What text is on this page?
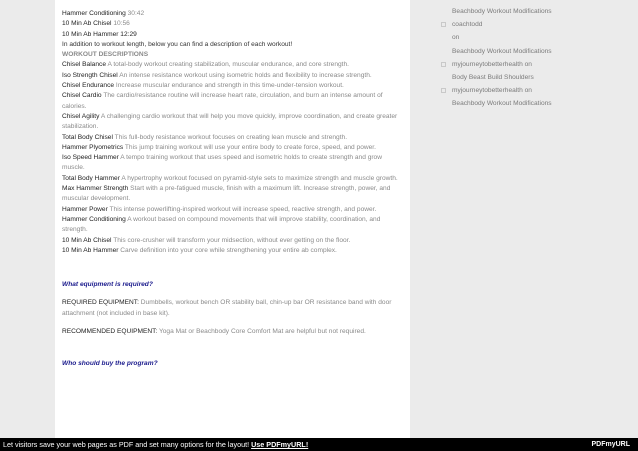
Hammer Conditioning 30:42

10 Min Ab Chisel 10:56

10 Min Ab Hammer 12:29

In addition to workout length, below you can find a description of each workout!

WORKOUT DESCRIPTIONS

Chisel Balance A total-body workout creating stabilization, muscular endurance, and core strength.

Iso Strength Chisel An intense resistance workout using isometric holds and flexibility to increase strength.

Chisel Endurance Increase muscular endurance and strength in this time-under-tension workout.

Chisel Cardio The cardio/resistance routine will increase heart rate, circulation, and burn an intense amount of calories.

Chisel Agility A challenging cardio workout that will help you move quickly, improve coordination, and create greater stabilization.

Total Body Chisel This full-body resistance workout focuses on creating lean muscle and strength.

Hammer Plyometrics This jump training workout will use your entire body to create force, speed, and power.

Iso Speed Hammer A tempo training workout that uses speed and isometric holds to create strength and grow muscle.

Total Body Hammer A hypertrophy workout focused on pyramid-style sets to maximize strength and muscle growth.

Max Hammer Strength Start with a pre-fatigued muscle, finish with a maximum lift. Increase strength, power, and muscular development.

Hammer Power This intense powerlifting-inspired workout will increase speed, reactive strength, and power.

Hammer Conditioning A workout based on compound movements that will improve stability, coordination, and strength.

10 Min Ab Chisel This core-crusher will transform your midsection, without ever getting on the floor.

10 Min Ab Hammer Carve definition into your core while strengthening your entire ab complex.

What equipment is required?

REQUIRED EQUIPMENT: Dumbbells, workout bench OR stability ball, chin-up bar OR resistance band with door attachment (not included in base kit).

RECOMMENDED EQUIPMENT: Yoga Mat or Beachbody Core Comfort Mat are helpful but not required.

Who should buy the program?

Beachbody Workout Modifications
coachtodd
on
Beachbody Workout Modifications
myjourneytobetterhealth on
Body Beast Build Shoulders
myjourneytobetterhealth on
Beachbody Workout Modifications
Let visitors save your web pages as PDF and set many options for the layout! Use PDFmyURL!	PDFmyURL
